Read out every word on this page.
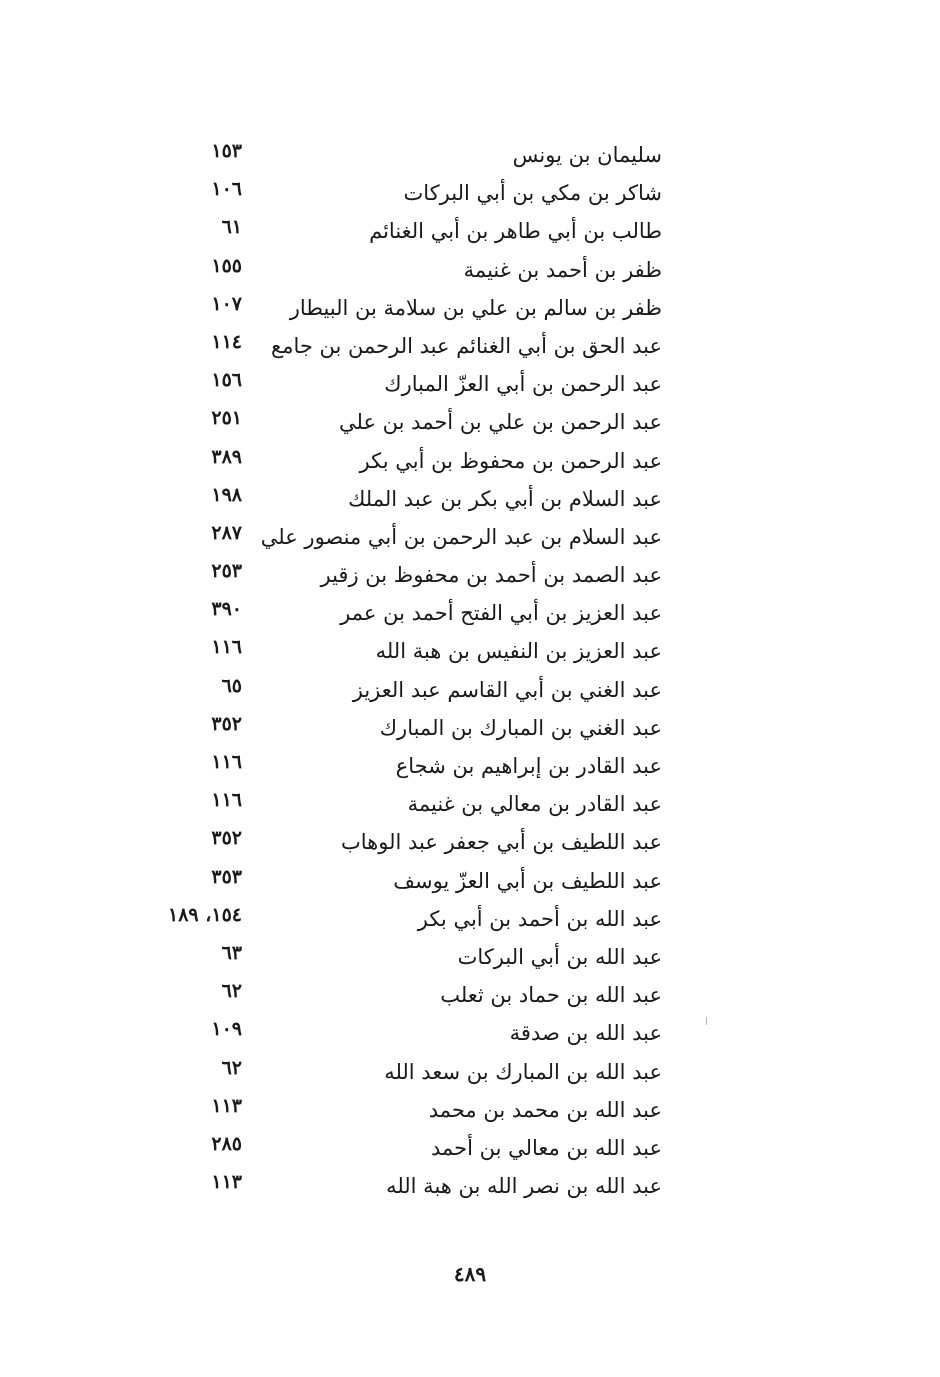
سليمان بن يونس
١٥٣
شاكر بن مكي بن أبي البركات
١٠٦
طالب بن أبي طاهر بن أبي الغنائم
٦١
ظفر بن أحمد بن غنيمة
١٥٥
ظفر بن سالم بن علي بن سلامة بن البيطار
١٠٧
عبد الحق بن أبي الغنائم عبد الرحمن بن جامع
١١٤
عبد الرحمن بن أبي العزّ المبارك
١٥٦
عبد الرحمن بن علي بن أحمد بن علي
٢٥١
عبد الرحمن بن محفوظ بن أبي بكر
٣٨٩
عبد السلام بن أبي بكر بن عبد الملك
١٩٨
عبد السلام بن عبد الرحمن بن أبي منصور علي
٢٨٧
عبد الصمد بن أحمد بن محفوظ بن زقير
٢٥٣
عبد العزيز بن أبي الفتح أحمد بن عمر
٣٩٠
عبد العزيز بن النفيس بن هبة الله
١١٦
عبد الغني بن أبي القاسم عبد العزيز
٦٥
عبد الغني بن المبارك بن المبارك
٣٥٢
عبد القادر بن إبراهيم بن شجاع
١١٦
عبد القادر بن معالي بن غنيمة
١١٦
عبد اللطيف بن أبي جعفر عبد الوهاب
٣٥٢
عبد اللطيف بن أبي العزّ يوسف
٣٥٣
عبد الله بن أحمد بن أبي بكر
١٥٤، ١٨٩
عبد الله بن أبي البركات
٦٣
عبد الله بن حماد بن ثعلب
٦٢
عبد الله بن صدقة
١٠٩
عبد الله بن المبارك بن سعد الله
٦٢
عبد الله بن محمد بن محمد
١١٣
عبد الله بن معالي بن أحمد
٢٨٥
عبد الله بن نصر الله بن هبة الله
١١٣
٤٨٩
